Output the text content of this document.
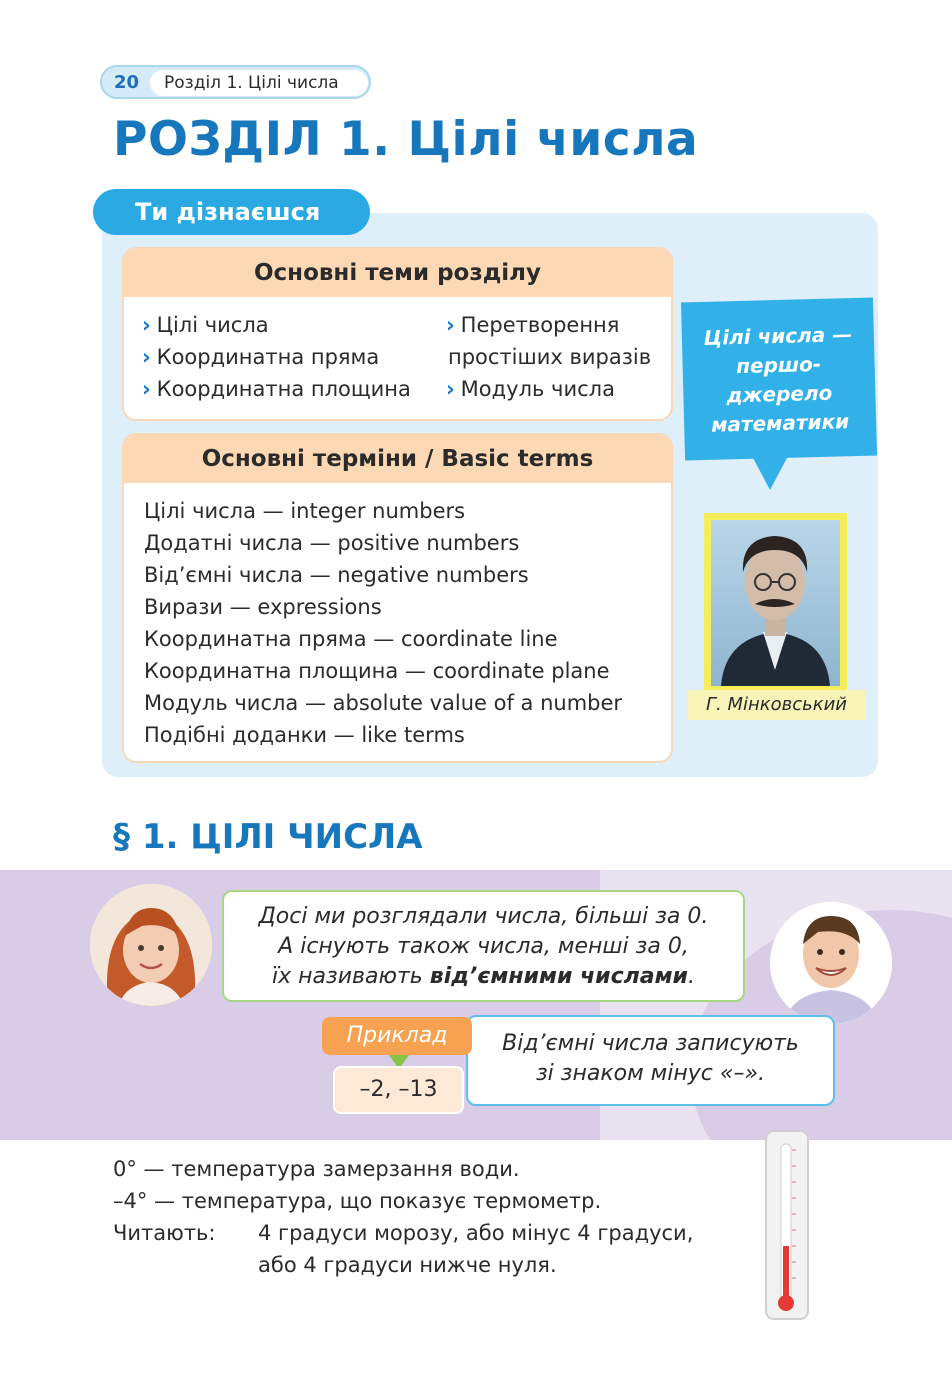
20	Розділ 1. Цілі числа
РОЗДІЛ 1. Цілі числа
Ти дізнаєшся
Основні теми розділу
› Цілі числа
› Координатна пряма
› Координатна площина
› Перетворення
простіших виразів
› Модуль числа
Основні терміни / Basic terms
Цілі числа — integer numbers
Додатні числа — positive numbers
Від’ємні числа — negative numbers
Вирази — expressions
Координатна пряма — coordinate line
Координатна площина — coordinate plane
Модуль числа — absolute value of a number
Подібні доданки — like terms
Цілі числа —
першо-
джерело
математики
Г. Мінковський
§ 1. ЦІЛІ ЧИСЛА
Досі ми розглядали числа, більші за 0.
А існують також числа, менші за 0,
їх називають від’ємними числами.
Від’ємні числа записують
зі знаком мінус «–».
Приклад
–2, –13
0° — температура замерзання води.
–4° — температура, що показує термометр.
Читають: 4 градуси морозу, або мінус 4 градуси,
або 4 градуси нижче нуля.
